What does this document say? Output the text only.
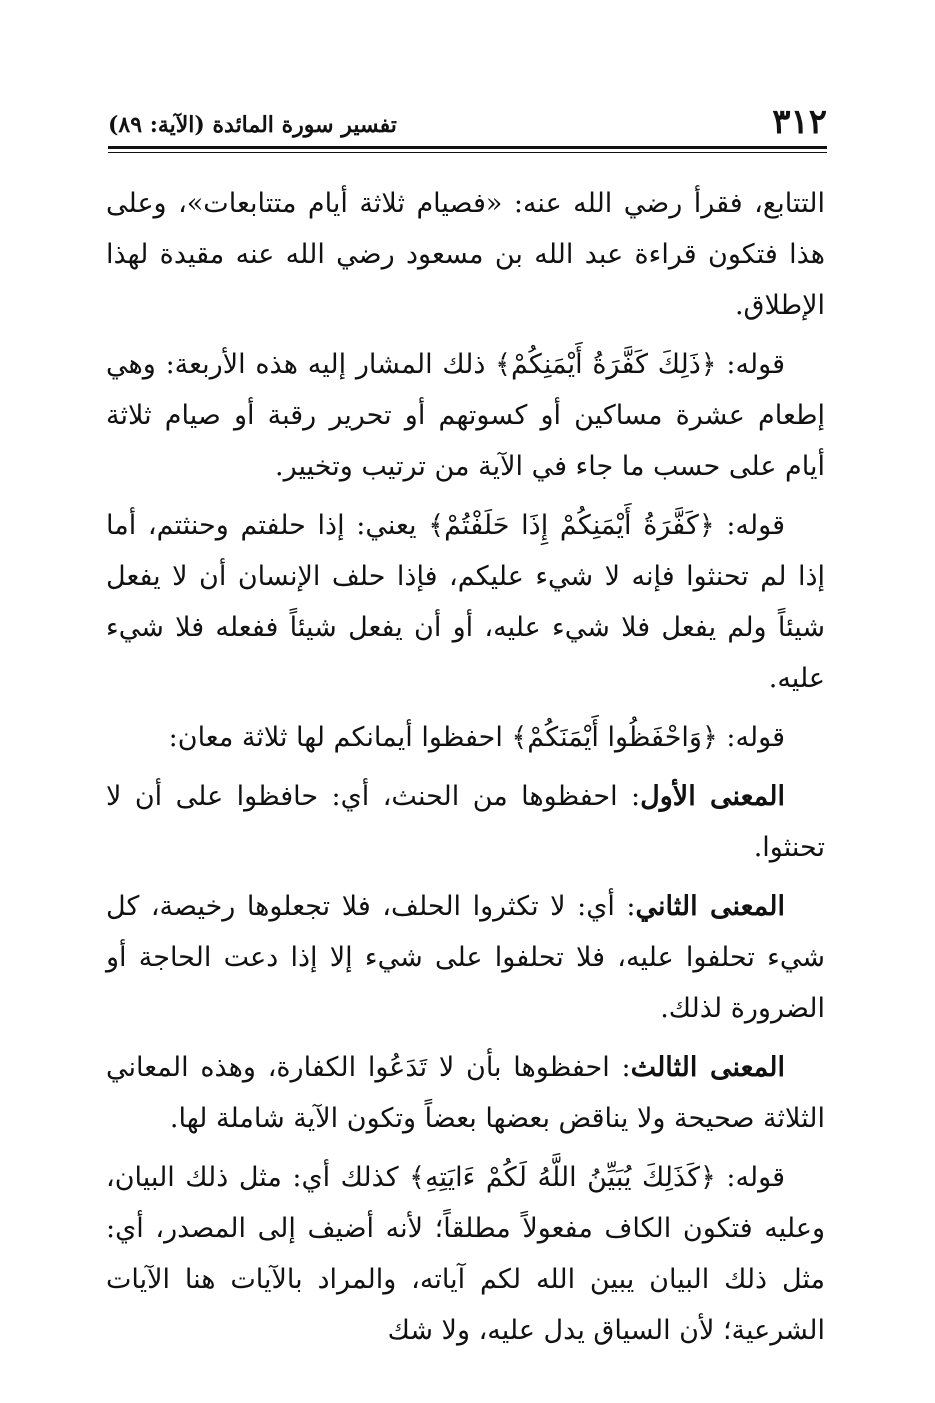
٣١٢
تفسير سورة المائدة (الآية: ٨٩)

التتابع، فقرأ رضي الله عنه: «فصيام ثلاثة أيام متتابعات»، وعلى هذا فتكون قراءة عبد الله بن مسعود رضي الله عنه مقيدة لهذا الإطلاق.

قوله: ﴿ذَلِكَ كَفَّرَةُ أَيْمَنِكُمْ﴾ ذلك المشار إليه هذه الأربعة: وهي إطعام عشرة مساكين أو كسوتهم أو تحرير رقبة أو صيام ثلاثة أيام على حسب ما جاء في الآية من ترتيب وتخيير.

قوله: ﴿كَفَّرَةُ أَيْمَنِكُمْ إِذَا حَلَفْتُمْ﴾ يعني: إذا حلفتم وحنثتم، أما إذا لم تحنثوا فإنه لا شيء عليكم، فإذا حلف الإنسان أن لا يفعل شيئاً ولم يفعل فلا شيء عليه، أو أن يفعل شيئاً ففعله فلا شيء عليه.

قوله: ﴿وَاحْفَظُوا أَيْمَنَكُمْ﴾ احفظوا أيمانكم لها ثلاثة معان:

المعنى الأول: احفظوها من الحنث، أي: حافظوا على أن لا تحنثوا.

المعنى الثاني: أي: لا تكثروا الحلف، فلا تجعلوها رخيصة، كل شيء تحلفوا عليه، فلا تحلفوا على شيء إلا إذا دعت الحاجة أو الضرورة لذلك.

المعنى الثالث: احفظوها بأن لا تَدَعُوا الكفارة، وهذه المعاني الثلاثة صحيحة ولا يناقض بعضها بعضاً وتكون الآية شاملة لها.

قوله: ﴿كَذَلِكَ يُبَيِّنُ اللَّهُ لَكُمْ ءَايَتِهِ﴾ كذلك أي: مثل ذلك البيان، وعليه فتكون الكاف مفعولاً مطلقاً؛ لأنه أضيف إلى المصدر، أي: مثل ذلك البيان يبين الله لكم آياته، والمراد بالآيات هنا الآيات الشرعية؛ لأن السياق يدل عليه، ولا شك
